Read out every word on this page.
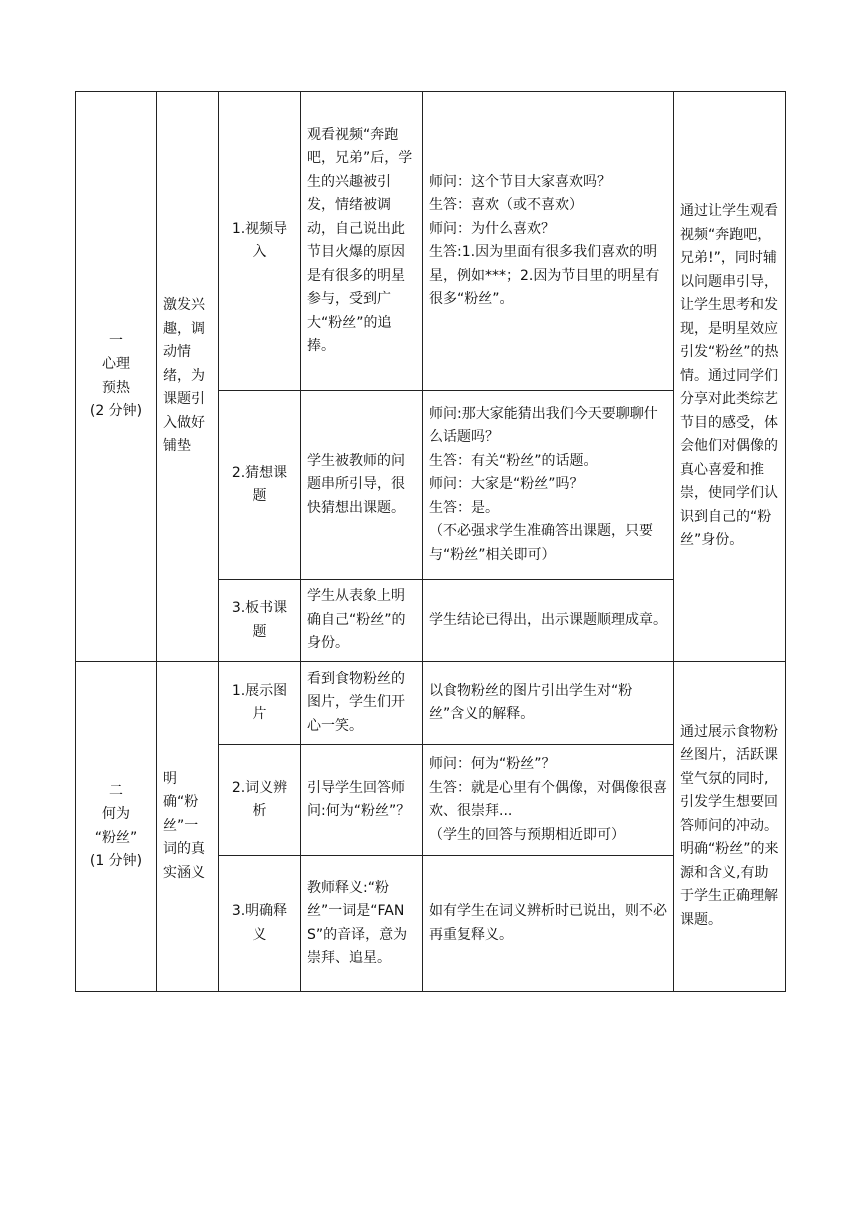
一
心理
预热
(2 分钟)	激发兴趣，调动情绪，为课题引入做好铺垫	1.视频导入	观看视频“奔跑吧，兄弟”后，学生的兴趣被引发，情绪被调动，自己说出此节目火爆的原因是有很多的明星参与，受到广大“粉丝”的追捧。	师问：这个节目大家喜欢吗？
生答：喜欢（或不喜欢）
师问：为什么喜欢？
生答:1.因为里面有很多我们喜欢的明星，例如***；2.因为节目里的明星有很多“粉丝”。	通过让学生观看视频“奔跑吧，兄弟!”，同时辅以问题串引导，让学生思考和发现，是明星效应引发“粉丝”的热情。通过同学们分享对此类综艺节目的感受，体会他们对偶像的真心喜爱和推崇，使同学们认识到自己的“粉丝”身份。
		2.猜想课题	学生被教师的问题串所引导，很快猜想出课题。	师问:那大家能猜出我们今天要聊聊什么话题吗？
生答：有关“粉丝”的话题。
师问：大家是“粉丝”吗？
生答：是。
（不必强求学生准确答出课题，只要与“粉丝”相关即可）	
		3.板书课题	学生从表象上明确自己“粉丝”的身份。	学生结论已得出，出示课题顺理成章。	

二
何为
“粉丝”
(1 分钟)	明确“粉丝”一词的真实涵义	1.展示图片	看到食物粉丝的图片，学生们开心一笑。	以食物粉丝的图片引出学生对“粉丝”含义的解释。	通过展示食物粉丝图片，活跃课堂气氛的同时,引发学生想要回答师问的冲动。明确“粉丝”的来源和含义,有助于学生正确理解课题。
		2.词义辨析	引导学生回答师问:何为“粉丝”？	师问：何为“粉丝”？
生答：就是心里有个偶像，对偶像很喜欢、很崇拜...
（学生的回答与预期相近即可）	
		3.明确释义	教师释义:“粉丝”一词是“FANS”的音译，意为崇拜、追星。	如有学生在词义辨析时已说出，则不必再重复释义。	
